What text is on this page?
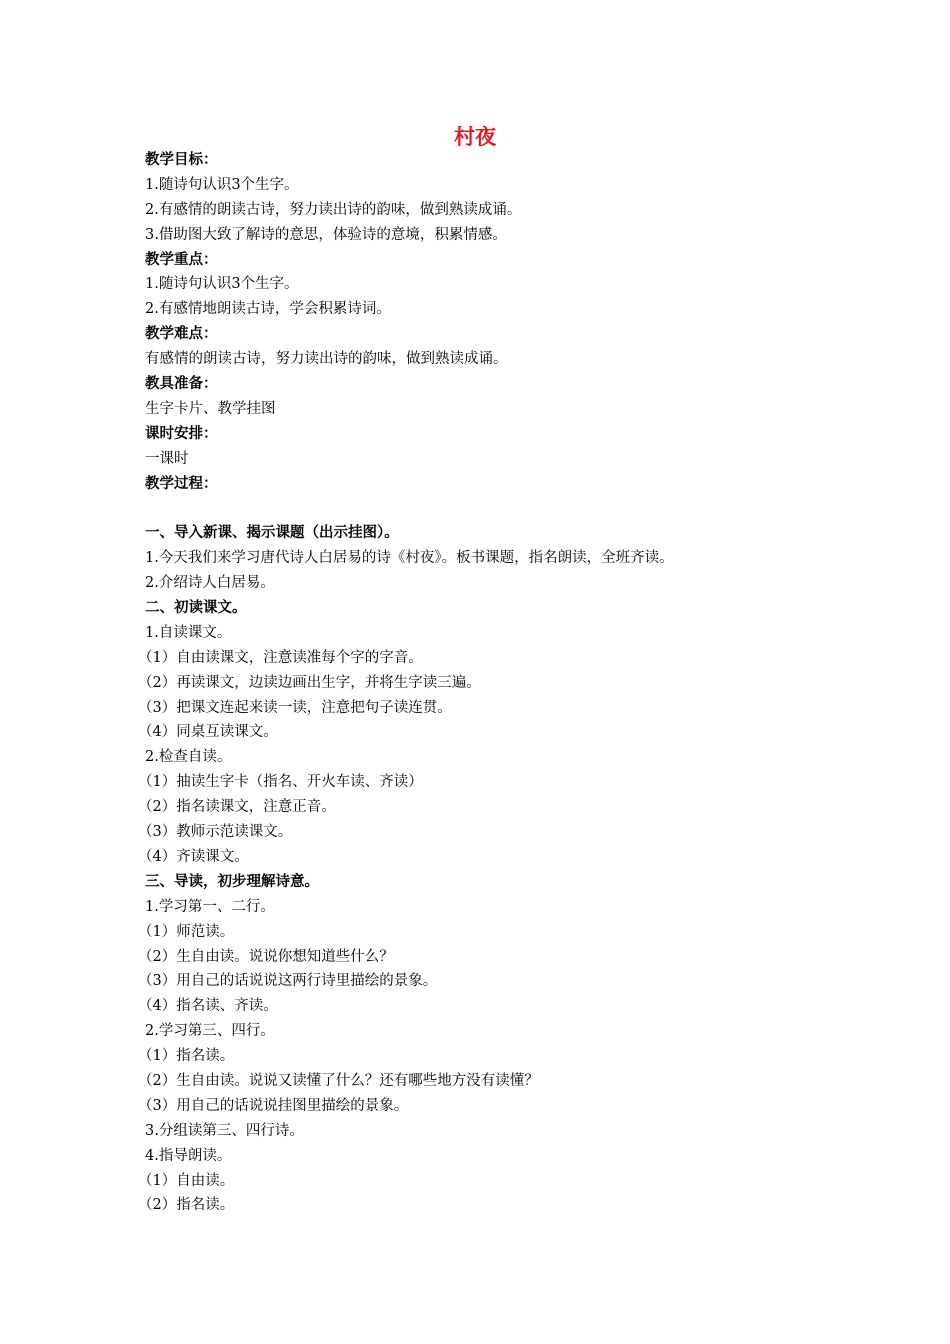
村夜
教学目标：
1.随诗句认识3个生字。
2.有感情的朗读古诗，努力读出诗的韵味，做到熟读成诵。
3.借助图大致了解诗的意思，体验诗的意境，积累情感。
教学重点：
1.随诗句认识3个生字。
2.有感情地朗读古诗，学会积累诗词。
教学难点：
有感情的朗读古诗，努力读出诗的韵味，做到熟读成诵。
教具准备：
生字卡片、教学挂图
课时安排：
一课时
教学过程：
一、导入新课、揭示课题（出示挂图）。
1.今天我们来学习唐代诗人白居易的诗《村夜》。板书课题，指名朗读，全班齐读。
2.介绍诗人白居易。
二、初读课文。
1.自读课文。
（1）自由读课文，注意读准每个字的字音。
（2）再读课文，边读边画出生字，并将生字读三遍。
（3）把课文连起来读一读，注意把句子读连贯。
（4）同桌互读课文。
2.检查自读。
（1）抽读生字卡（指名、开火车读、齐读）
（2）指名读课文，注意正音。
（3）教师示范读课文。
（4）齐读课文。
三、导读，初步理解诗意。
1.学习第一、二行。
（1）师范读。
（2）生自由读。说说你想知道些什么？
（3）用自己的话说说这两行诗里描绘的景象。
（4）指名读、齐读。
2.学习第三、四行。
（1）指名读。
（2）生自由读。说说又读懂了什么？还有哪些地方没有读懂？
（3）用自己的话说说挂图里描绘的景象。
3.分组读第三、四行诗。
4.指导朗读。
（1）自由读。
（2）指名读。
